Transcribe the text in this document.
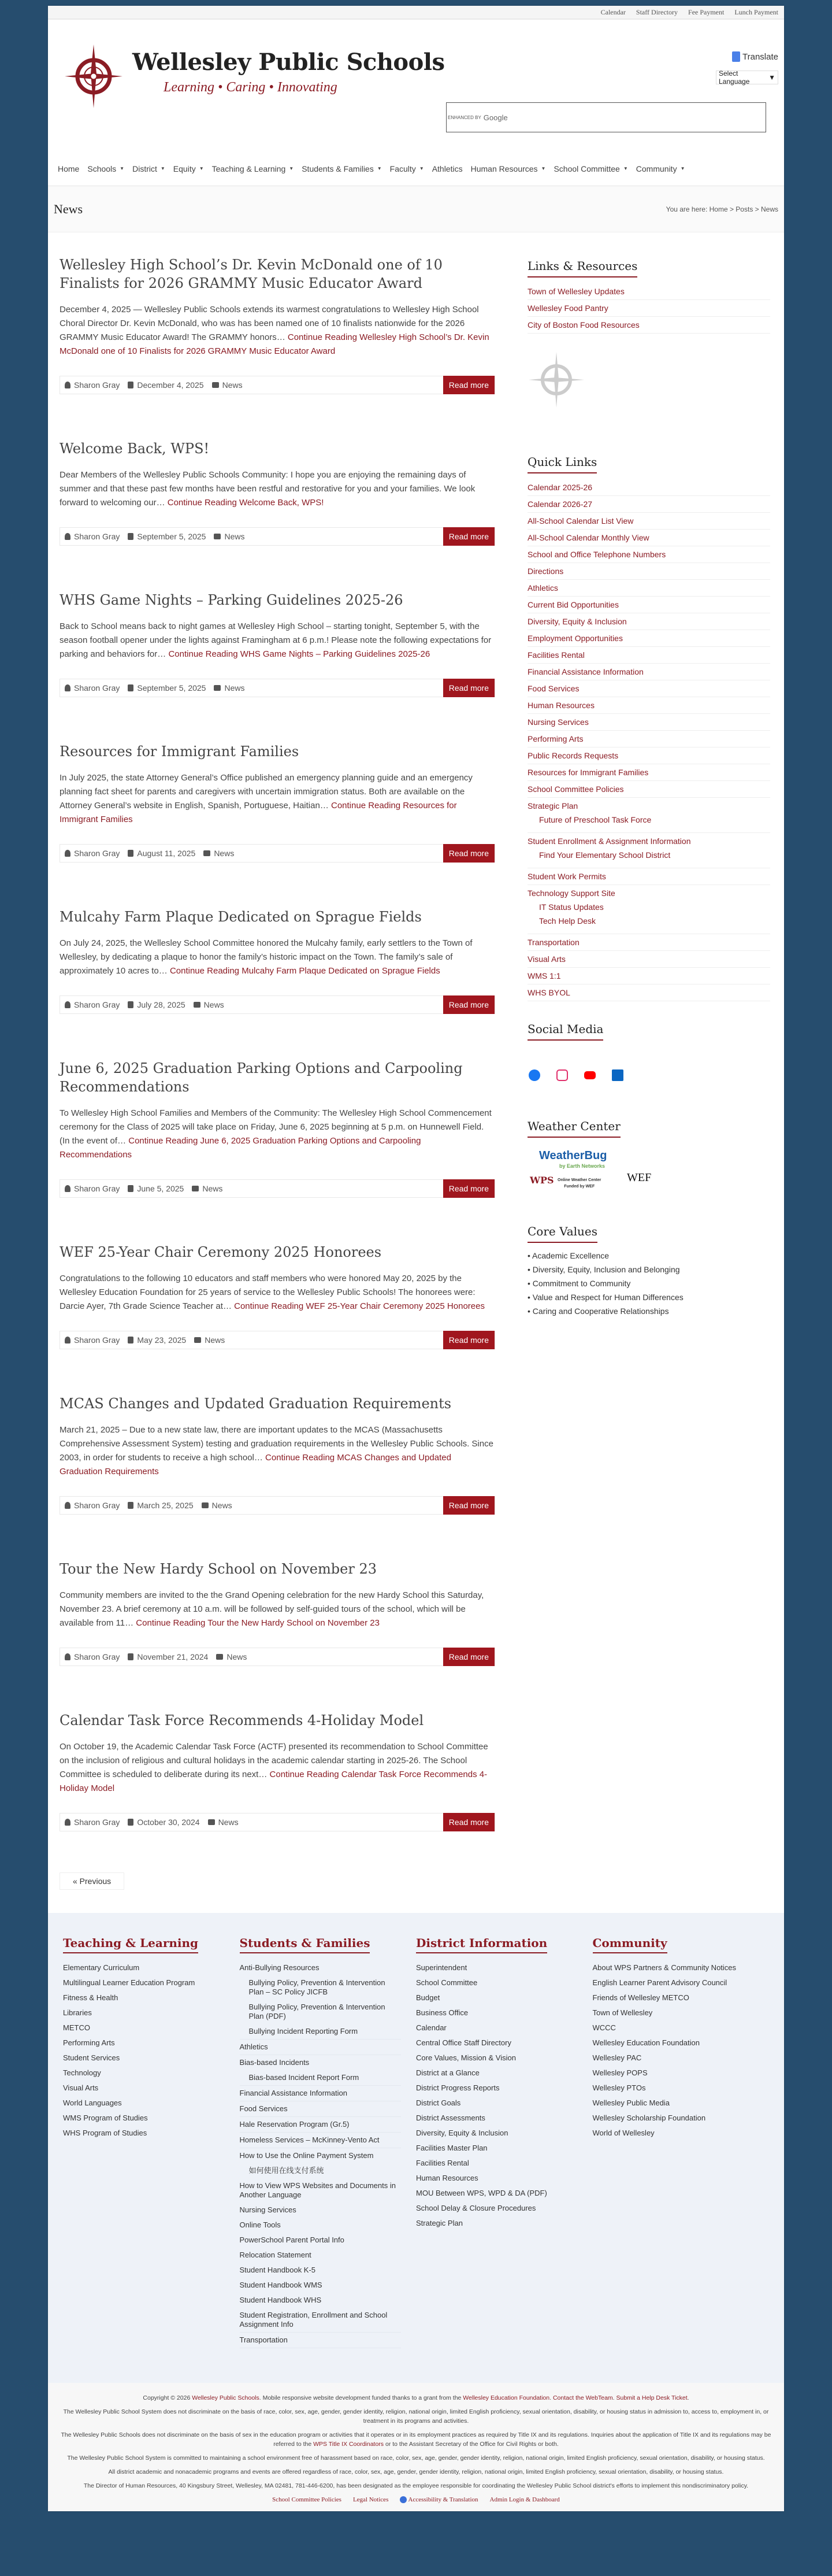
Calendar Staff Directory Fee Payment Lunch Payment
Wellesley Public Schools
Learning • Caring • Innovating
Translate
Select Language	▼
ENHANCED BY Google
Home Schools ▼ District ▼ Equity ▼ Teaching & Learning ▼ Students & Families ▼ Faculty ▼ Athletics Human Resources ▼ School Committee ▼ Community ▼
News	You are here: Home > Posts > News
Wellesley High School’s Dr. Kevin McDonald one of 10 Finalists for 2026 GRAMMY Music Educator Award

December 4, 2025 — Wellesley Public Schools extends its warmest congratulations to Wellesley High School Choral Director Dr. Kevin McDonald, who was has been named one of 10 finalists nationwide for the 2026 GRAMMY Music Educator Award! The GRAMMY honors… Continue Reading Wellesley High School’s Dr. Kevin McDonald one of 10 Finalists for 2026 GRAMMY Music Educator Award

Sharon Gray December 4, 2025 News	Read more
Welcome Back, WPS!

Dear Members of the Wellesley Public Schools Community: I hope you are enjoying the remaining days of summer and that these past few months have been restful and restorative for you and your families. We look forward to welcoming our… Continue Reading Welcome Back, WPS!

Sharon Gray September 5, 2025 News	Read more
WHS Game Nights – Parking Guidelines 2025-26

Back to School means back to night games at Wellesley High School – starting tonight, September 5, with the season football opener under the lights against Framingham at 6 p.m.! Please note the following expectations for parking and behaviors for… Continue Reading WHS Game Nights – Parking Guidelines 2025-26

Sharon Gray September 5, 2025 News	Read more
Resources for Immigrant Families

In July 2025, the state Attorney General’s Office published an emergency planning guide and an emergency planning fact sheet for parents and caregivers with uncertain immigration status. Both are available on the Attorney General’s website in English, Spanish, Portuguese, Haitian… Continue Reading Resources for Immigrant Families

Sharon Gray August 11, 2025 News	Read more
Mulcahy Farm Plaque Dedicated on Sprague Fields

On July 24, 2025, the Wellesley School Committee honored the Mulcahy family, early settlers to the Town of Wellesley, by dedicating a plaque to honor the family’s historic impact on the Town. The family’s sale of approximately 10 acres to… Continue Reading Mulcahy Farm Plaque Dedicated on Sprague Fields

Sharon Gray July 28, 2025 News	Read more
June 6, 2025 Graduation Parking Options and Carpooling Recommendations

To Wellesley High School Families and Members of the Community: The Wellesley High School Commencement ceremony for the Class of 2025 will take place on Friday, June 6, 2025 beginning at 5 p.m. on Hunnewell Field. (In the event of… Continue Reading June 6, 2025 Graduation Parking Options and Carpooling Recommendations

Sharon Gray June 5, 2025 News	Read more
WEF 25-Year Chair Ceremony 2025 Honorees

Congratulations to the following 10 educators and staff members who were honored May 20, 2025 by the Wellesley Education Foundation for 25 years of service to the Wellesley Public Schools! The honorees were: Darcie Ayer, 7th Grade Science Teacher at… Continue Reading WEF 25-Year Chair Ceremony 2025 Honorees

Sharon Gray May 23, 2025 News	Read more
MCAS Changes and Updated Graduation Requirements

March 21, 2025 – Due to a new state law, there are important updates to the MCAS (Massachusetts Comprehensive Assessment System) testing and graduation requirements in the Wellesley Public Schools. Since 2003, in order for students to receive a high school… Continue Reading MCAS Changes and Updated Graduation Requirements

Sharon Gray March 25, 2025 News	Read more
Tour the New Hardy School on November 23

Community members are invited to the the Grand Opening celebration for the new Hardy School this Saturday, November 23. A brief ceremony at 10 a.m. will be followed by self-guided tours of the school, which will be available from 11… Continue Reading Tour the New Hardy School on November 23

Sharon Gray November 21, 2024 News	Read more
Calendar Task Force Recommends 4-Holiday Model

On October 19, the Academic Calendar Task Force (ACTF) presented its recommendation to School Committee on the inclusion of religious and cultural holidays in the academic calendar starting in 2025-26. The School Committee is scheduled to deliberate during its next… Continue Reading Calendar Task Force Recommends 4-Holiday Model

Sharon Gray October 30, 2024 News	Read more
Links & Resources
Town of Wellesley Updates
Wellesley Food Pantry
City of Boston Food Resources
Quick Links
Calendar 2025-26
Calendar 2026-27
All-School Calendar List View
All-School Calendar Monthly View
School and Office Telephone Numbers
Directions
Athletics
Current Bid Opportunities
Diversity, Equity & Inclusion
Employment Opportunities
Facilities Rental
Financial Assistance Information
Food Services
Human Resources
Nursing Services
Performing Arts
Public Records Requests
Resources for Immigrant Families
School Committee Policies
Strategic Plan
Future of Preschool Task Force
Student Enrollment & Assignment Information
Find Your Elementary School District
Student Work Permits
Technology Support Site
IT Status Updates
Tech Help Desk
Transportation
Visual Arts
WMS 1:1
WHS BYOL
Social Media
Weather Center
WeatherBug
by Earth Networks
WPS Online Weather Center
Funded by WEF
WEF
Core Values
• Academic Excellence
• Diversity, Equity, Inclusion and Belonging
• Commitment to Community
• Value and Respect for Human Differences
• Caring and Cooperative Relationships
« Previous
Teaching & Learning
Elementary Curriculum
Multilingual Learner Education Program
Fitness & Health
Libraries
METCO
Performing Arts
Student Services
Technology
Visual Arts
World Languages
WMS Program of Studies
WHS Program of Studies
Students & Families
Anti-Bullying Resources
Bullying Policy, Prevention & Intervention Plan – SC Policy JICFB
Bullying Policy, Prevention & Intervention Plan (PDF)
Bullying Incident Reporting Form
Athletics
Bias-based Incidents
Bias-based Incident Report Form
Financial Assistance Information
Food Services
Hale Reservation Program (Gr.5)
Homeless Services – McKinney-Vento Act
How to Use the Online Payment System
如何使用在线支付系统
How to View WPS Websites and Documents in Another Language
Nursing Services
Online Tools
PowerSchool Parent Portal Info
Relocation Statement
Student Handbook K-5
Student Handbook WMS
Student Handbook WHS
Student Registration, Enrollment and School Assignment Info
Transportation
District Information
Superintendent
School Committee
Budget
Business Office
Calendar
Central Office Staff Directory
Core Values, Mission & Vision
District at a Glance
District Progress Reports
District Goals
District Assessments
Diversity, Equity & Inclusion
Facilities Master Plan
Facilities Rental
Human Resources
MOU Between WPS, WPD & DA (PDF)
School Delay & Closure Procedures
Strategic Plan
Community
About WPS Partners & Community Notices
English Learner Parent Advisory Council
Friends of Wellesley METCO
Town of Wellesley
WCCC
Wellesley Education Foundation
Wellesley PAC
Wellesley POPS
Wellesley PTOs
Wellesley Public Media
Wellesley Scholarship Foundation
World of Wellesley

Copyright © 2026 Wellesley Public Schools. Mobile responsive website development funded thanks to a grant from the Wellesley Education Foundation. Contact the WebTeam. Submit a Help Desk Ticket.

The Wellesley Public School System does not discriminate on the basis of race, color, sex, age, gender, gender identity, religion, national origin, limited English proficiency, sexual orientation, disability, or housing status in admission to, access to, employment in, or treatment in its programs and activities.

The Wellesley Public Schools does not discriminate on the basis of sex in the education program or activities that it operates or in its employment practices as required by Title IX and its regulations. Inquiries about the application of Title IX and its regulations may be referred to the WPS Title IX Coordinators or to the Assistant Secretary of the Office for Civil Rights or both.

The Wellesley Public School System is committed to maintaining a school environment free of harassment based on race, color, sex, age, gender, gender identity, religion, national origin, limited English proficiency, sexual orientation, disability, or housing status.

All district academic and nonacademic programs and events are offered regardless of race, color, sex, age, gender, gender identity, religion, national origin, limited English proficiency, sexual orientation, disability, or housing status.

The Director of Human Resources, 40 Kingsbury Street, Wellesley, MA 02481, 781-446-6200, has been designated as the employee responsible for coordinating the Wellesley Public School district's efforts to implement this nondiscriminatory policy.

School Committee Policies Legal Notices	Accessibility & Translation Admin Login & Dashboard
